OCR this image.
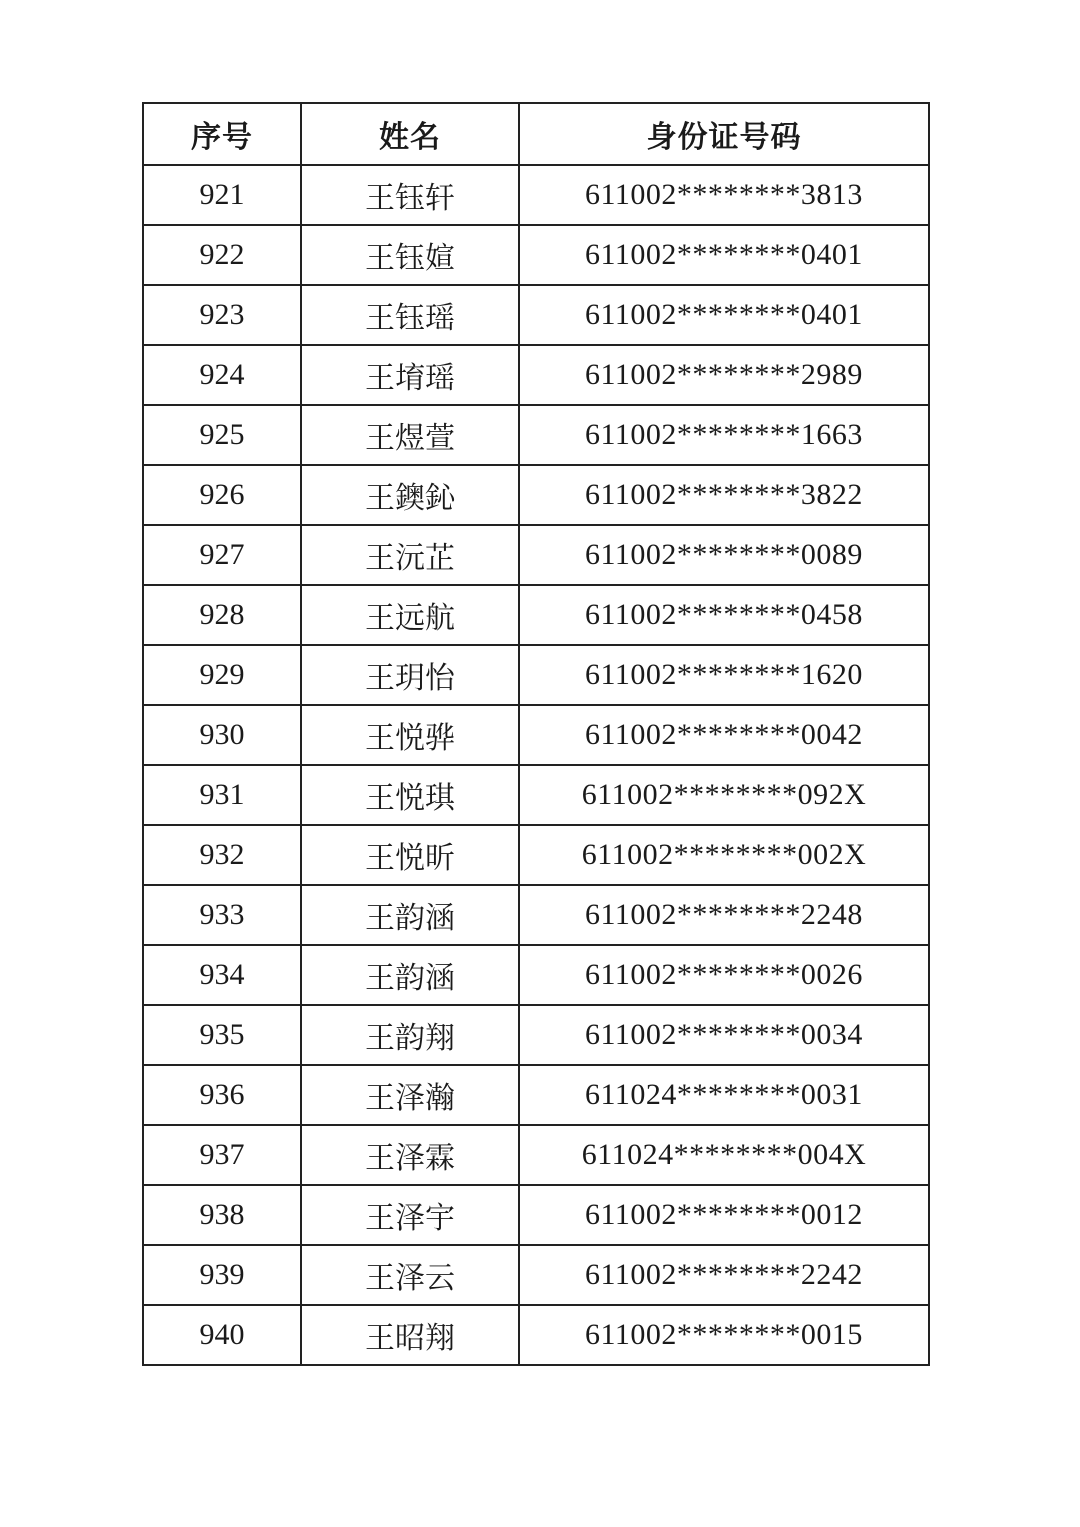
序号	姓名	身份证号码
921	王钰轩	611002********3813
922	王钰媗	611002********0401
923	王钰瑶	611002********0401
924	王堉瑶	611002********2989
925	王煜萱	611002********1663
926	王鐭鈊	611002********3822
927	王沅芷	611002********0089
928	王远航	611002********0458
929	王玥怡	611002********1620
930	王悦骅	611002********0042
931	王悦琪	611002********092X
932	王悦昕	611002********002X
933	王韵涵	611002********2248
934	王韵涵	611002********0026
935	王韵翔	611002********0034
936	王泽瀚	611024********0031
937	王泽霖	611024********004X
938	王泽宇	611002********0012
939	王泽云	611002********2242
940	王昭翔	611002********0015
